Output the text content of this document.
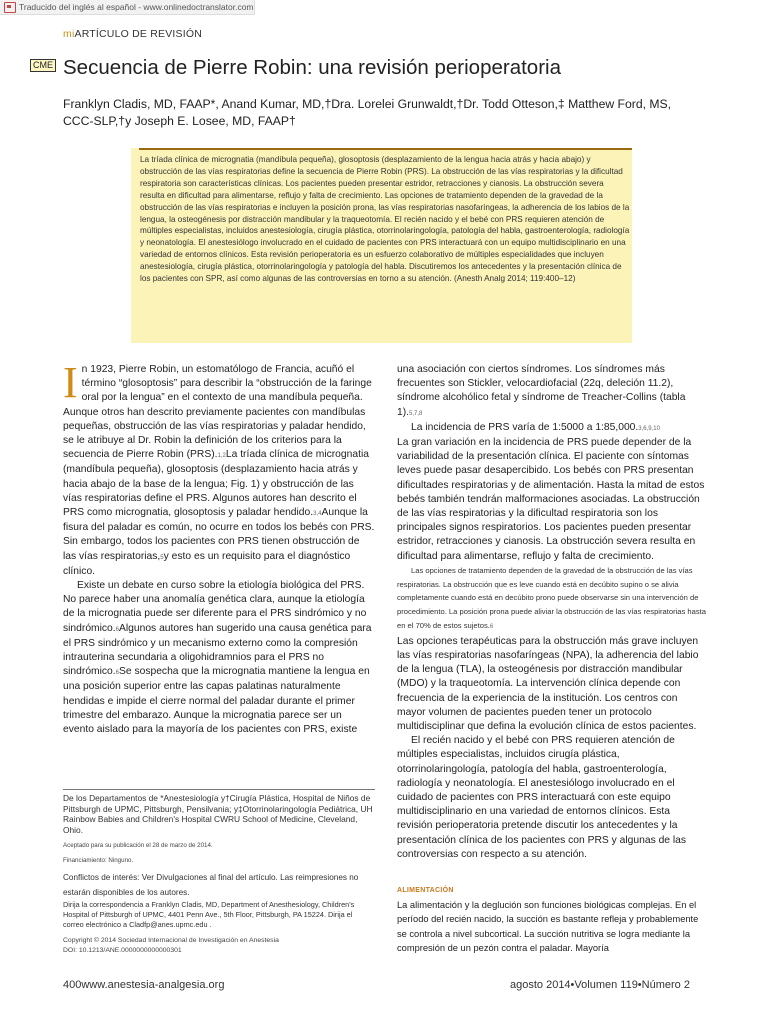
Traducido del inglés al español - www.onlinedoctranslator.com
miARTÍCULO DE REVISIÓN
CME Secuencia de Pierre Robin: una revisión perioperatoria
Franklyn Cladis, MD, FAAP*, Anand Kumar, MD,†Dra. Lorelei Grunwaldt,†Dr. Todd Otteson,‡ Matthew Ford, MS, CCC-SLP,†y Joseph E. Losee, MD, FAAP†

La tríada clínica de micrognatia (mandíbula pequeña), glosoptosis (desplazamiento de la lengua hacia atrás y hacia abajo) y obstrucción de las vías respiratorias define la secuencia de Pierre Robin (PRS). La obstrucción de las vías respiratorias y la dificultad respiratoria son características clínicas. Los pacientes pueden presentar estridor, retracciones y cianosis. La obstrucción severa resulta en dificultad para alimentarse, reflujo y falta de crecimiento. Las opciones de tratamiento dependen de la gravedad de la obstrucción de las vías respiratorias e incluyen la posición prona, las vías respiratorias nasofaríngeas, la adherencia de los labios de la lengua, la osteogénesis por distracción mandibular y la traqueotomía. El recién nacido y el bebé con PRS requieren atención de múltiples especialistas, incluidos anestesiología, cirugía plástica, otorrinolaringología, patología del habla, gastroenterología, radiología y neonatología. El anestesiólogo involucrado en el cuidado de pacientes con PRS interactuará con un equipo multidisciplinario en una variedad de entornos clínicos. Esta revisión perioperatoria es un esfuerzo colaborativo de múltiples especialidades que incluyen anestesiología, cirugía plástica, otorrinolaringología y patología del habla. Discutiremos los antecedentes y la presentación clínica de los pacientes con SPR, así como algunas de las controversias en torno a su atención. (Anesth Analg 2014; 119:400–12)

In 1923, Pierre Robin, un estomatólogo de Francia, acuñó el término “glosoptosis” para describir la “obstrucción de la faringe oral por la lengua” en el contexto de una mandíbula pequeña. Aunque otros han descrito previamente pacientes con mandíbulas pequeñas, obstrucción de las vías respiratorias y paladar hendido, se le atribuye al Dr. Robin la definición de los criterios para la secuencia de Pierre Robin (PRS).1,2La tríada clínica de micrognatia (mandíbula pequeña), glosoptosis (desplazamiento hacia atrás y hacia abajo de la base de la lengua; Fig. 1) y obstrucción de las vías respiratorias define el PRS. Algunos autores han descrito el PRS como micrognatia, glosoptosis y paladar hendido.3,4Aunque la fisura del paladar es común, no ocurre en todos los bebés con PRS. Sin embargo, todos los pacientes con PRS tienen obstrucción de las vías respiratorias,5y esto es un requisito para el diagnóstico clínico.

Existe un debate en curso sobre la etiología biológica del PRS. No parece haber una anomalía genética clara, aunque la etiología de la micrognatia puede ser diferente para el PRS sindrómico y no sindrómico.6Algunos autores han sugerido una causa genética para el PRS sindrómico y un mecanismo externo como la compresión intrauterina secundaria a oligohidramnios para el PRS no sindrómico.6Se sospecha que la micrognatia mantiene la lengua en una posición superior entre las capas palatinas naturalmente hendidas e impide el cierre normal del paladar durante el primer trimestre del embarazo. Aunque la micrognatia parece ser un evento aislado para la mayoría de los pacientes con PRS, existe

De los Departamentos de *Anestesiología y†Cirugía Plástica, Hospital de Niños de Pittsburgh de UPMC, Pittsburgh, Pensilvania; y‡Otorrinolaringología Pediátrica, UH Rainbow Babies and Children's Hospital CWRU School of Medicine, Cleveland, Ohio.

Aceptado para su publicación el 28 de marzo de 2014.

Financiamiento: Ninguno.

Conflictos de interés: Ver Divulgaciones al final del artículo. Las reimpresiones no estarán disponibles de los autores.

Dirija la correspondencia a Franklyn Cladis, MD, Department of Anesthesiology, Children's Hospital of Pittsburgh of UPMC, 4401 Penn Ave., 5th Floor, Pittsburgh, PA 15224. Dirija el correo electrónico a Cladfp@anes.upmc.edu .

Copyright © 2014 Sociedad Internacional de Investigación en Anestesia

DOI: 10.1213/ANE.0000000000000301

una asociación con ciertos síndromes. Los síndromes más frecuentes son Stickler, velocardiofacial (22q, deleción 11.2), síndrome alcohólico fetal y síndrome de Treacher-Collins (tabla 1).5,7,8

La incidencia de PRS varía de 1:5000 a 1:85,000.3,6,9,10
La gran variación en la incidencia de PRS puede depender de la variabilidad de la presentación clínica. El paciente con síntomas leves puede pasar desapercibido. Los bebés con PRS presentan dificultades respiratorias y de alimentación. Hasta la mitad de estos bebés también tendrán malformaciones asociadas. La obstrucción de las vías respiratorias y la dificultad respiratoria son los principales signos respiratorios. Los pacientes pueden presentar estridor, retracciones y cianosis. La obstrucción severa resulta en dificultad para alimentarse, reflujo y falta de crecimiento.

Las opciones de tratamiento dependen de la gravedad de la obstrucción de las vías respiratorias. La obstrucción que es leve cuando está en decúbito supino o se alivia completamente cuando está en decúbito prono puede observarse sin una intervención de procedimiento. La posición prona puede aliviar la obstrucción de las vías respiratorias hasta en el 70% de estos sujetos.6

Las opciones terapéuticas para la obstrucción más grave incluyen las vías respiratorias nasofaríngeas (NPA), la adherencia del labio de la lengua (TLA), la osteogénesis por distracción mandibular (MDO) y la traqueotomía. La intervención clínica depende con frecuencia de la experiencia de la institución. Los centros con mayor volumen de pacientes pueden tener un protocolo multidisciplinar que defina la evolución clínica de estos pacientes.

El recién nacido y el bebé con PRS requieren atención de múltiples especialistas, incluidos cirugía plástica, otorrinolaringología, patología del habla, gastroenterología, radiología y neonatología. El anestesiólogo involucrado en el cuidado de pacientes con PRS interactuará con este equipo multidisciplinario en una variedad de entornos clínicos. Esta revisión perioperatoria pretende discutir los antecedentes y la presentación clínica de los pacientes con PRS y algunas de las controversias con respecto a su atención.

ALIMENTACIÓN

La alimentación y la deglución son funciones biológicas complejas. En el período del recién nacido, la succión es bastante refleja y probablemente se controla a nivel subcortical. La succión nutritiva se logra mediante la compresión de un pezón contra el paladar. Mayoría

400www.anestesia-analgesia.org	agosto 2014•Volumen 119•Número 2
